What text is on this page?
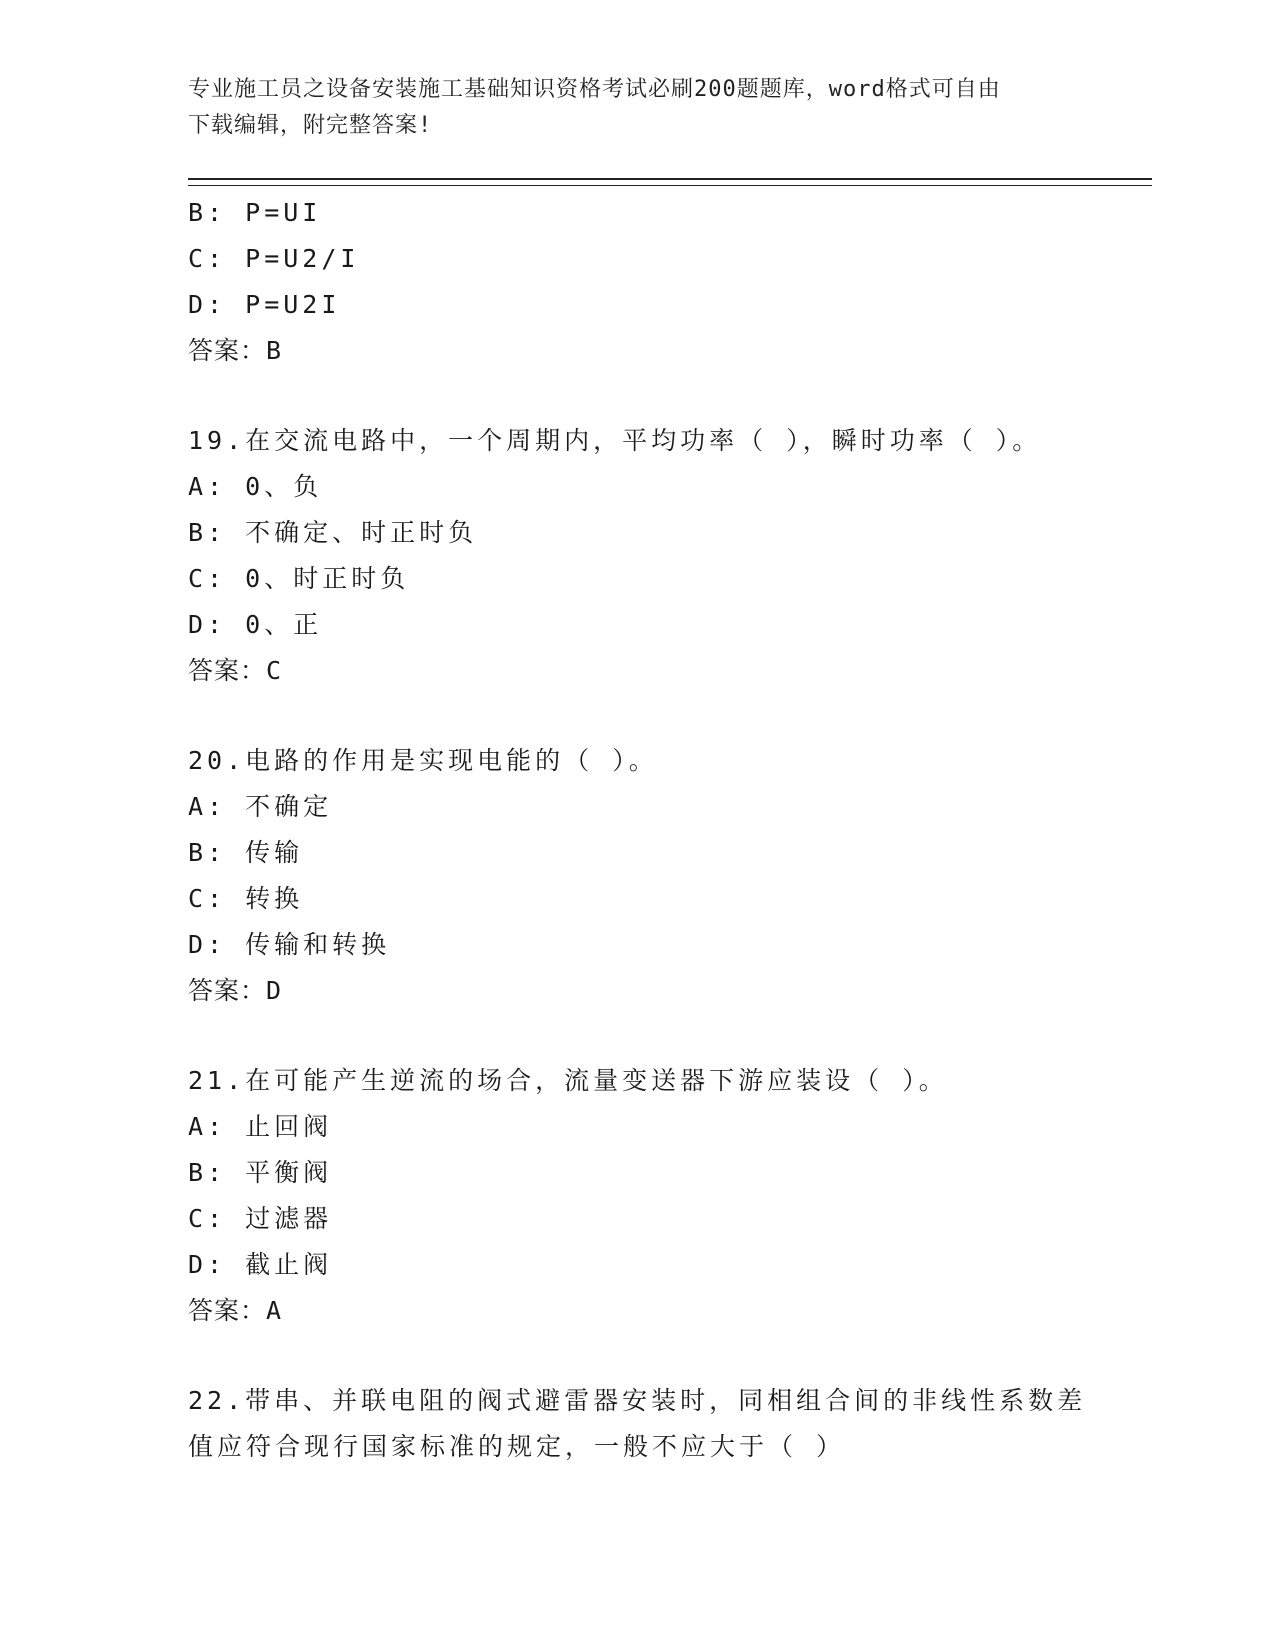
专业施工员之设备安装施工基础知识资格考试必刷200题题库，word格式可自由
下载编辑，附完整答案!
B: P=UI
C: P=U2/I
D: P=U2I
答案：B
19.在交流电路中，一个周期内，平均功率（ ），瞬时功率（ ）。
A: 0、负
B: 不确定、时正时负
C: 0、时正时负
D: 0、正
答案：C
20.电路的作用是实现电能的（ ）。
A: 不确定
B: 传输
C: 转换
D: 传输和转换
答案：D
21.在可能产生逆流的场合，流量变送器下游应装设（ ）。
A: 止回阀
B: 平衡阀
C: 过滤器
D: 截止阀
答案：A
22.带串、并联电阻的阀式避雷器安装时，同相组合间的非线性系数差值应符合现行国家标准的规定，一般不应大于（ ）
